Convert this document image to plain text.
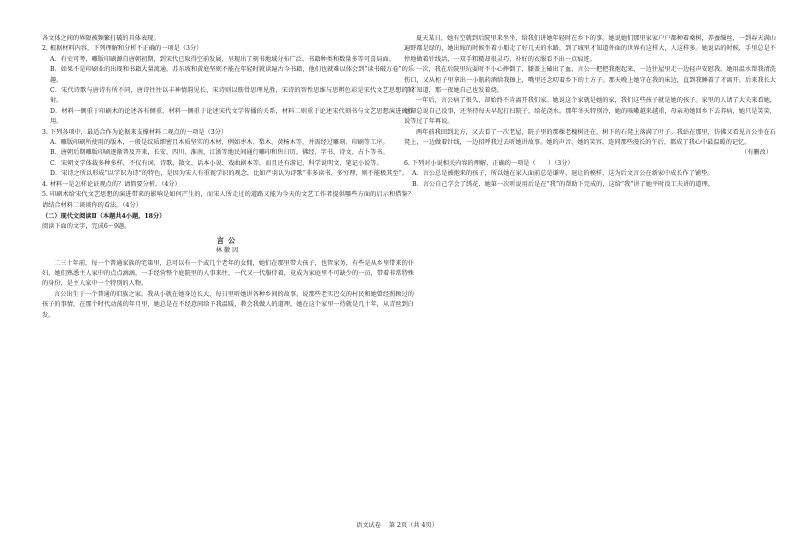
各文体之间的界限被频繁打破的具体表现。

2. 根据材料内容，下列理解和分析不正确的一项是（3分）

A．有史可考，雕版印刷源自唐朝初期，到宋代已取得空前发展，呈现出了刻书地域分布广泛、书籍种类和数量多等可喜局面。

B．如果不是印刷业的出现和书籍大量流通，苏东坡和黄庭坚则不能在年轻时就读遍古今书籍，他们也就难以体会到“读书破万卷”的乐趣。

C．宋代诗歌与唐诗有所不同，唐诗往往以丰神情韵见长，宋诗则以筋骨思理见胜，宋诗的智性思维与思辨色彩是宋代文艺思想的折射。

D．材料一侧重于印刷术的论述各有侧重，材料一侧重于论述宋代文学传播的关系，材料二则重于论述宋代刻书与文艺思想演进的作用。

3. 下列各项中，最适合作为论据来支撑材料二观点的一项是（3分）

A．雕版印刷所使用的版木，一般是纹质细密且木质坚实的木材，例如枣木、梨木、黄杨木等，并需经过雕刻、印刷等工序。

B．唐朝后期雕版印刷逐渐普及开来，长安、四川、淮南、江浙等地民间通行雕印和售日历、佛经、字书、诗文、占卜等书。

C．宋朝文学体裁多种多样，不仅有词，诗歌、散文、话本小说、戏曲剧本等，而且还有游记、科学说明文、笔记小说等。

D．宋诗之所以形成“以学识为诗”的特色，是因为宋人有重视学识的观念，比如严羽认为诗歌“非多读书、多穷理，则不能极其至”。

4. 材料一是怎样论证观点的？请简要分析。（4分）

5. 印刷术给宋代文艺思想的演进带来的影响是如何产生的，而宋人所走过的道路又能为今天的文艺工作者提供哪些方面的启示和借鉴？请结合材料二谈谈你的看法。（4分）

（二）现代文阅读Ⅱ（本题共4小题，18分）

阅读下面的文字，完成6～9题。

言公

林徽因

二三十年前，每一个普通家族的宅第里，总可以有一个或几个老年的女佣，她们在那里带大孩子，也管家务，有些是从乡里带来的仆妇，她们熟悉主人家中的点点滴滴，一手经营整个庭院里的人事来往，一代又一代服侍着，竟成为家庭里不可缺少的一员，带着非常特殊的身份，是主人家中一个特别的人物。

言公出生于一个普通的旧族之家。我从小就在她身边长大，每日里听她讲各种乡间的故事，说那些老实巴交的村民和她曾经照顾过的孩子的事情，在那个时代动荡的年月里，她总是在不经意间给予我温暖，教会我做人的道理，她在这个家里一待就是几十年，从青丝到白发。

夏天某日，她有空就到后院里来坐坐，给我们讲她年轻时在乡下的事。她说她们那里家家户户都种着桑树，养蚕缫丝，一到春天满山遍野都是绿的，她出嫁的时候坐着小船走了好几天的水路，到了城里才知道外面的世界有这样大，人这样多。她说话的时候，手里总是不停地做着针线活，一双手粗糙却很灵巧，补好的衣服看不出一点痕迹。

一次，我在后院里玩耍时不小心摔倒了，膝盖上磕出了血，言公一把把我抱起来，一边往屋里走一边轻声安慰我。她用温水帮我清洗伤口，又从柜子里拿出一小瓶药酒给我擦上，嘴里还念叨着乡下的土方子。那天晚上她守在我的床边，直到我睡着了才离开。后来我长大了才知道，那一夜她自己也发着烧。

一年后，言公病了很久，却始终不肯离开我们家。她说这个家就是她的家，我们这些孩子就是她的孩子。家里的人请了大夫来看她，她却总说自己没事，还坚持每天早起打扫院子，给花浇水。那年冬天特别冷，她的咳嗽越来越重，母亲劝她回乡下去养病，她只是笑笑，说等过了年再说。

两年前我回到北方，又去看了一次老屋，院子里的那棵老槐树还在，树下的石凳上落满了叶子。我站在那里，仿佛又看见言公坐在石凳上，一边做着针线，一边招呼我过去听她讲故事。她的声音、她的笑容，连同那些漫长的午后，都成了我心中最温暖的记忆。

（有删改）

6. 下列对小说相关内容的理解，正确的一项是（　　）（3分）

A．言公总是被抱来的孩子，所以她在家人面前总是谦卑、退让的模样，这为后文言公在新家中成长作了铺垫。

B．言公自己学会了绣花，她第一次听说用后是在“我”的帮助下完成的，这给“我”讲了她平时没工夫讲的道理。

语文试卷 第 2页（共 4页）
